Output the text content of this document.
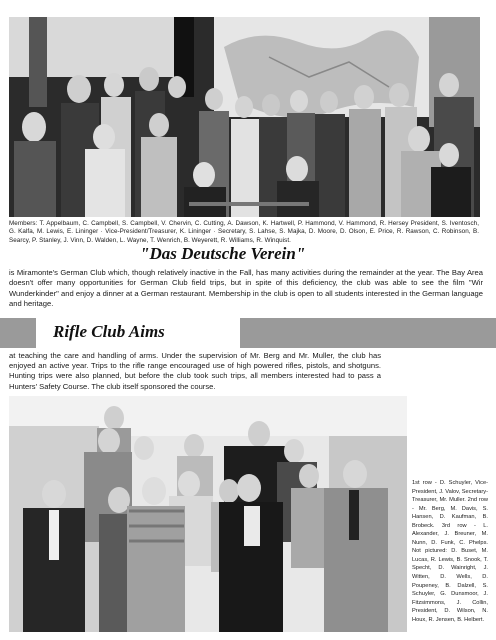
Members: T. Appelbaum, C. Campbell, S. Campbell, V. Chervin, C. Cutting, A. Dawson, K. Hartwell, P. Hammond, V. Hammond, R. Hersey President, S. Iventosch, G. Kalfa, M. Lewis, E. Lininger · Vice-President/Treasurer, K. Lininger · Secretary, S. Lahse, S. Majka, D. Moore, D. Olson, E. Price, R. Rawson, C. Robinson, B. Searcy, P. Stanley, J. Vinn, D. Walden, L. Wayne, T. Wenrich, B. Weyerett, R. Williams, R. Winquist.

"Das Deutsche Verein"

is Miramonte's German Club which, though relatively inactive in the Fall, has many activities during the remainder at the year. The Bay Area doesn't offer many opportunities for German Club field trips, but in spite of this deficiency, the club was able to see the film "Wir Wunderkinder" and enjoy a dinner at a German restaurant. Membership in the club is open to all students interested in the German language and heritage.

Rifle Club Aims

at teaching the care and handling of arms. Under the supervision of Mr. Berg and Mr. Muller, the club has enjoyed an active year. Trips to the rifle range encouraged use of high powered rifles, pistols, and shotguns. Hunting trips were also planned, but before the club took such trips, all members interested had to pass a Hunters' Safety Course. The club itself sponsored the course.

1st row - D. Schuyler, Vice-President, J. Valov, Secretary-Treasurer, Mr. Muller. 2nd row - Mr. Berg, M. Davis, S. Hansen, D. Kaufman, B. Brobeck. 3rd row - L. Alexander, J. Breuner, M. Nunn, D. Funk, C. Phelps. Not pictured: D. Buset, M. Lucas, R. Lewis, B. Snook, T. Specht, D. Wainright, J. Witten, D. Wells, D. Poupeney, B. Dalzell, S. Schuyler, G. Dunsmoor, J. Fitzsimmons, J. Collin, President, D. Wilson, N. Houx, R. Jensen, B. Helbert.
